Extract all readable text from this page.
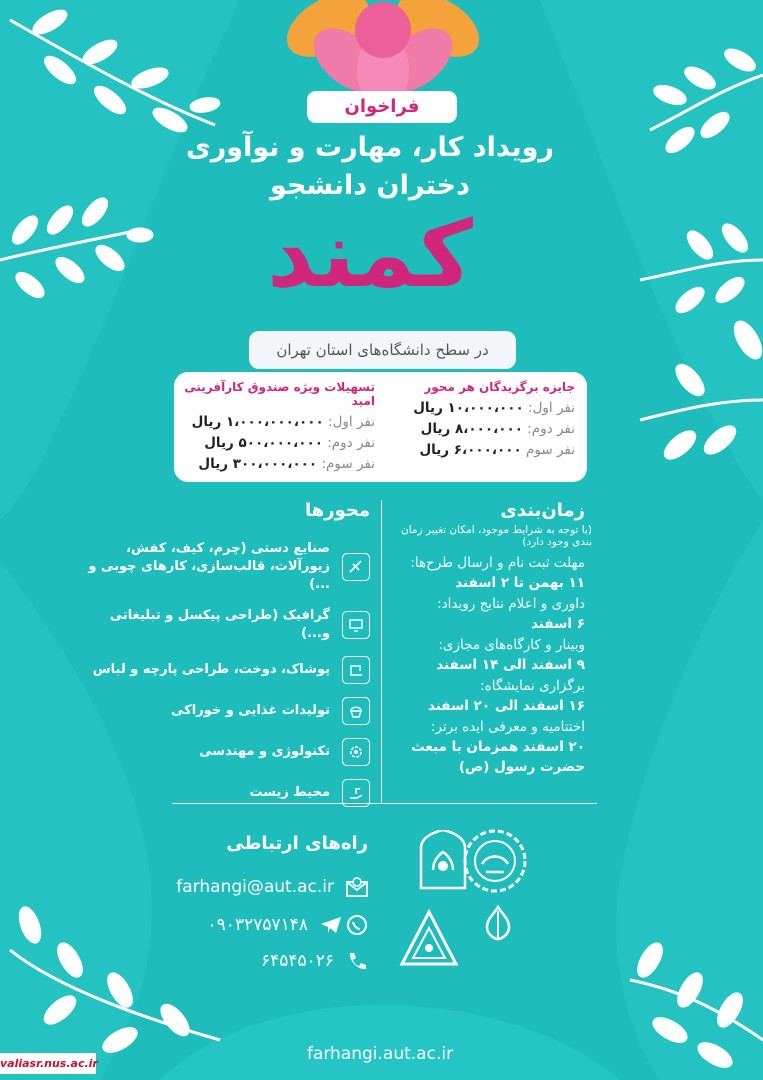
فراخوان
رویداد کار، مهارت و نوآوری
دختران دانشجو
کمند
در سطح دانشگاه‌های استان تهران
جایزه برگزیدگان هر محور
نفر اول: ۱۰،۰۰۰،۰۰۰ ریال
نفر دوم: ۸،۰۰۰،۰۰۰ ریال
نفر سوم ۶،۰۰۰،۰۰۰ ریال
تسهیلات ویژه صندوق کارآفرینی امید
نفر اول: ۱،۰۰۰،۰۰۰،۰۰۰ ریال
نفر دوم: ۵۰۰،۰۰۰،۰۰۰ ریال
نفر سوم: ۳۰۰،۰۰۰،۰۰۰ ریال
زمان‌بندی
(با توجه به شرایط موجود، امکان تغییر زمان بندی وجود دارد)
مهلت ثبت نام و ارسال طرح‌ها:
۱۱ بهمن تا ۲ اسفند
داوری و اعلام نتایج رویداد:
۶ اسفند
وبینار و کارگاه‌های مجازی:
۹ اسفند الی ۱۴ اسفند
برگزاری نمایشگاه:
۱۶ اسفند الی ۲۰ اسفند
اختتامیه و معرفی ایده برتر:
۲۰ اسفند همزمان با مبعث حضرت رسول (ص)
محورها
صنایع دستی (چرم، کیف، کفش، زیورآلات، قالب‌سازی، کارهای چوبی و ...)
گرافیک (طراحی پیکسل و تبلیغاتی و...)
پوشاک، دوخت، طراحی پارچه و لباس
تولیدات غذایی و خوراکی
تکنولوژی و مهندسی
محیط زیست
راه‌های ارتباطی
farhangi@aut.ac.ir
۰۹۰۳۲۷۵۷۱۴۸
۶۴۵۴۵۰۲۶
farhangi.aut.ac.ir
valiasr.nus.ac.ir
